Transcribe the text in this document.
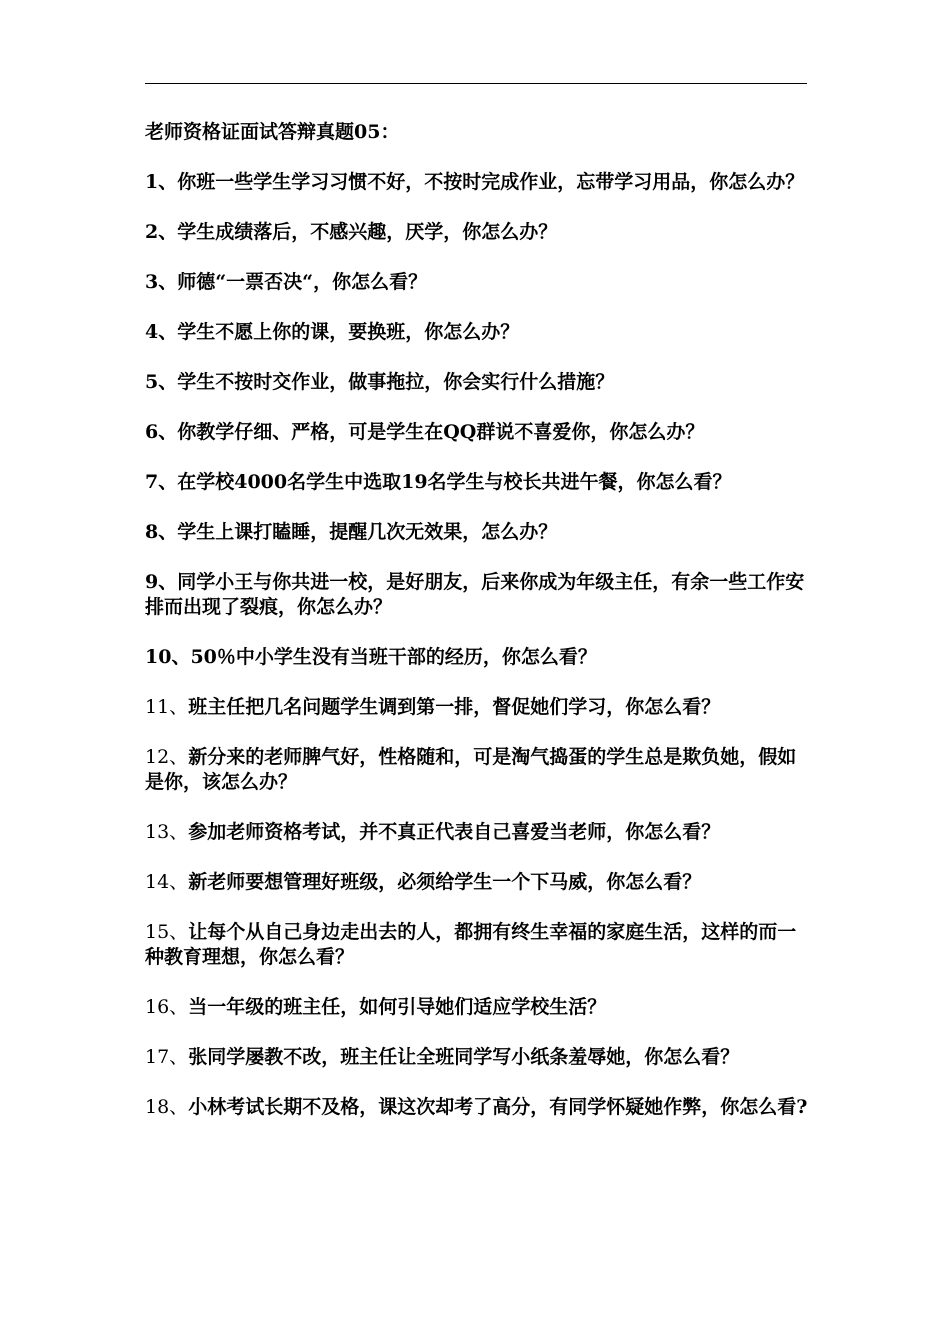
老师资格证面试答辩真题05：
1、你班一些学生学习习惯不好，不按时完成作业，忘带学习用品，你怎么办？
2、学生成绩落后，不感兴趣，厌学，你怎么办？
3、师德“一票否决“，你怎么看？
4、学生不愿上你的课，要换班，你怎么办？
5、学生不按时交作业，做事拖拉，你会实行什么措施？
6、你教学仔细、严格，可是学生在QQ群说不喜爱你，你怎么办？
7、在学校4000名学生中选取19名学生与校长共进午餐，你怎么看？
8、学生上课打瞌睡，提醒几次无效果，怎么办？
9、同学小王与你共进一校，是好朋友，后来你成为年级主任，有余一些工作安排而出现了裂痕，你怎么办？
10、50％中小学生没有当班干部的经历，你怎么看？
11、班主任把几名问题学生调到第一排，督促她们学习，你怎么看？
12、新分来的老师脾气好，性格随和，可是淘气捣蛋的学生总是欺负她，假如是你，该怎么办？
13、参加老师资格考试，并不真正代表自己喜爱当老师，你怎么看？
14、新老师要想管理好班级，必须给学生一个下马威，你怎么看？
15、让每个从自己身边走出去的人，都拥有终生幸福的家庭生活，这样的而一种教育理想，你怎么看？
16、当一年级的班主任，如何引导她们适应学校生活？
17、张同学屡教不改，班主任让全班同学写小纸条羞辱她，你怎么看？
18、小林考试长期不及格，课这次却考了高分，有同学怀疑她作弊，你怎么看?
